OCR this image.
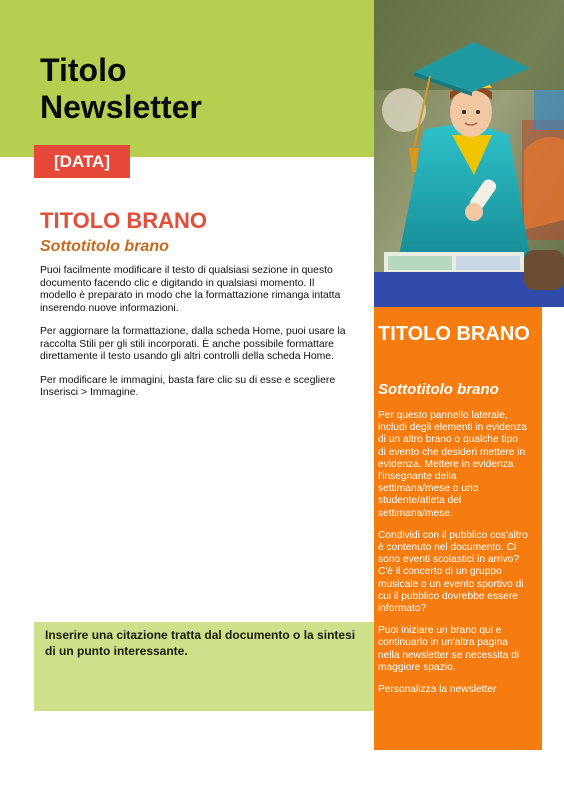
Titolo
Newsletter
[DATA]
TITOLO BRANO
Sottotitolo brano

Puoi facilmente modificare il testo di qualsiasi sezione in questo documento facendo clic e digitando in qualsiasi momento. Il modello è preparato in modo che la formattazione rimanga intatta inserendo nuove informazioni.

Per aggiornare la formattazione, dalla scheda Home, puoi usare la raccolta Stili per gli stili incorporati. È anche possibile formattare direttamente il testo usando gli altri controlli della scheda Home.

Per modificare le immagini, basta fare clic su di esse e scegliere Inserisci > Immagine.

Inserire una citazione tratta dal documento o la sintesi di un punto interessante.

TITOLO BRANO
Sottotitolo brano

Per questo pannello laterale, includi degli elementi in evidenza di un altro brano o qualche tipo di evento che desideri mettere in evidenza. Mettere in evidenza l'insegnante della settimana/mese o uno studente/atleta del settimana/mese.

Condividi con il pubblico cos'altro è contenuto nel documento. Ci sono eventi scolastici in arrivo? C'è il concerto di un gruppo musicale o un evento sportivo di cui il pubblico dovrebbe essere informato?

Puoi iniziare un brano qui e continuarlo in un'altra pagina nella newsletter se necessita di maggiore spazio.

Personalizza la newsletter
